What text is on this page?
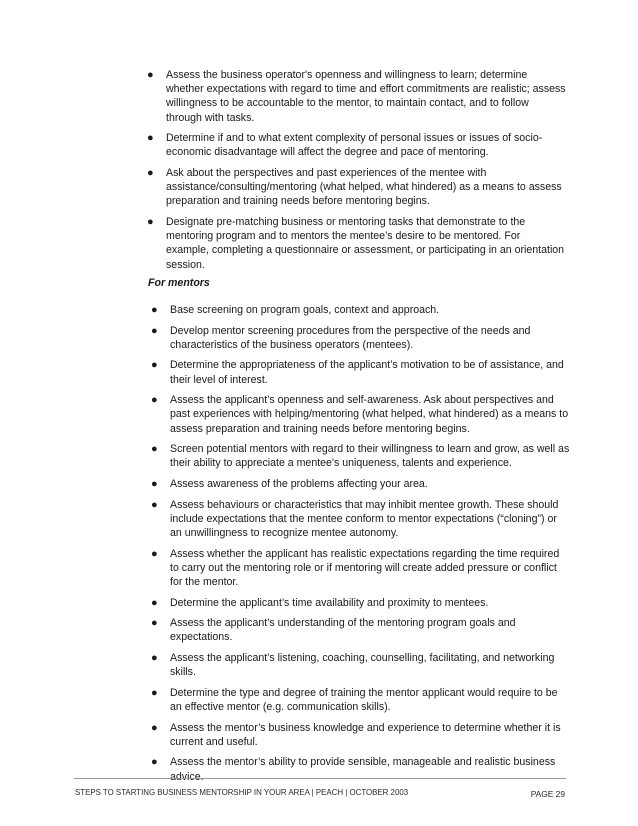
● Assess the business operator's openness and willingness to learn; determine whether expectations with regard to time and effort commitments are realistic; assess willingness to be accountable to the mentor, to maintain contact, and to follow through with tasks.
● Determine if and to what extent complexity of personal issues or issues of socio-economic disadvantage will affect the degree and pace of mentoring.
● Ask about the perspectives and past experiences of the mentee with assistance/consulting/mentoring (what helped, what hindered) as a means to assess preparation and training needs before mentoring begins.
● Designate pre-matching business or mentoring tasks that demonstrate to the mentoring program and to mentors the mentee’s desire to be mentored. For example, completing a questionnaire or assessment, or participating in an orientation session.
For mentors
● Base screening on program goals, context and approach.
● Develop mentor screening procedures from the perspective of the needs and characteristics of the business operators (mentees).
● Determine the appropriateness of the applicant’s motivation to be of assistance, and their level of interest.
● Assess the applicant’s openness and self-awareness. Ask about perspectives and past experiences with helping/mentoring (what helped, what hindered) as a means to assess preparation and training needs before mentoring begins.
● Screen potential mentors with regard to their willingness to learn and grow, as well as their ability to appreciate a mentee's uniqueness, talents and experience.
● Assess awareness of the problems affecting your area.
● Assess behaviours or characteristics that may inhibit mentee growth. These should include expectations that the mentee conform to mentor expectations (“cloning”) or an unwillingness to recognize mentee autonomy.
● Assess whether the applicant has realistic expectations regarding the time required to carry out the mentoring role or if mentoring will create added pressure or conflict for the mentor.
● Determine the applicant’s time availability and proximity to mentees.
● Assess the applicant’s understanding of the mentoring program goals and expectations.
● Assess the applicant’s listening, coaching, counselling, facilitating, and networking skills.
● Determine the type and degree of training the mentor applicant would require to be an effective mentor (e.g. communication skills).
● Assess the mentor’s business knowledge and experience to determine whether it is current and useful.
● Assess the mentor’s ability to provide sensible, manageable and realistic business advice.
STEPS TO STARTING BUSINESS MENTORSHIP IN YOUR AREA | PEACH | OCTOBER 2003	PAGE 29
